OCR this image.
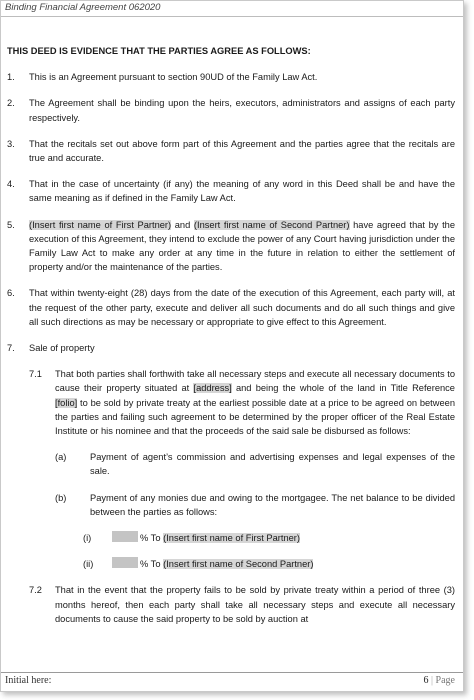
Binding Financial Agreement 062020

THIS DEED IS EVIDENCE THAT THE PARTIES AGREE AS FOLLOWS:

1. This is an Agreement pursuant to section 90UD of the Family Law Act.

2. The Agreement shall be binding upon the heirs, executors, administrators and assigns of each party respectively.

3. That the recitals set out above form part of this Agreement and the parties agree that the recitals are true and accurate.

4. That in the case of uncertainty (if any) the meaning of any word in this Deed shall be and have the same meaning as if defined in the Family Law Act.

5. (Insert first name of First Partner) and (Insert first name of Second Partner) have agreed that by the execution of this Agreement, they intend to exclude the power of any Court having jurisdiction under the Family Law Act to make any order at any time in the future in relation to either the settlement of property and/or the maintenance of the parties.

6. That within twenty-eight (28) days from the date of the execution of this Agreement, each party will, at the request of the other party, execute and deliver all such documents and do all such things and give all such directions as may be necessary or appropriate to give effect to this Agreement.

7. Sale of property

7.1 That both parties shall forthwith take all necessary steps and execute all necessary documents to cause their property situated at [address] and being the whole of the land in Title Reference [folio] to be sold by private treaty at the earliest possible date at a price to be agreed on between the parties and failing such agreement to be determined by the proper officer of the Real Estate Institute or his nominee and that the proceeds of the said sale be disbursed as follows:

(a)	Payment of agent’s commission and advertising expenses and legal expenses of the sale.

(b)	Payment of any monies due and owing to the mortgagee. The net balance to be divided between the parties as follows:

(i)	% To (Insert first name of First Partner)

(ii)	% To (Insert first name of Second Partner)

7.2 That in the event that the property fails to be sold by private treaty within a period of three (3) months hereof, then each party shall take all necessary steps and execute all necessary documents to cause the said property to be sold by auction at

Initial here:	6 | Page
